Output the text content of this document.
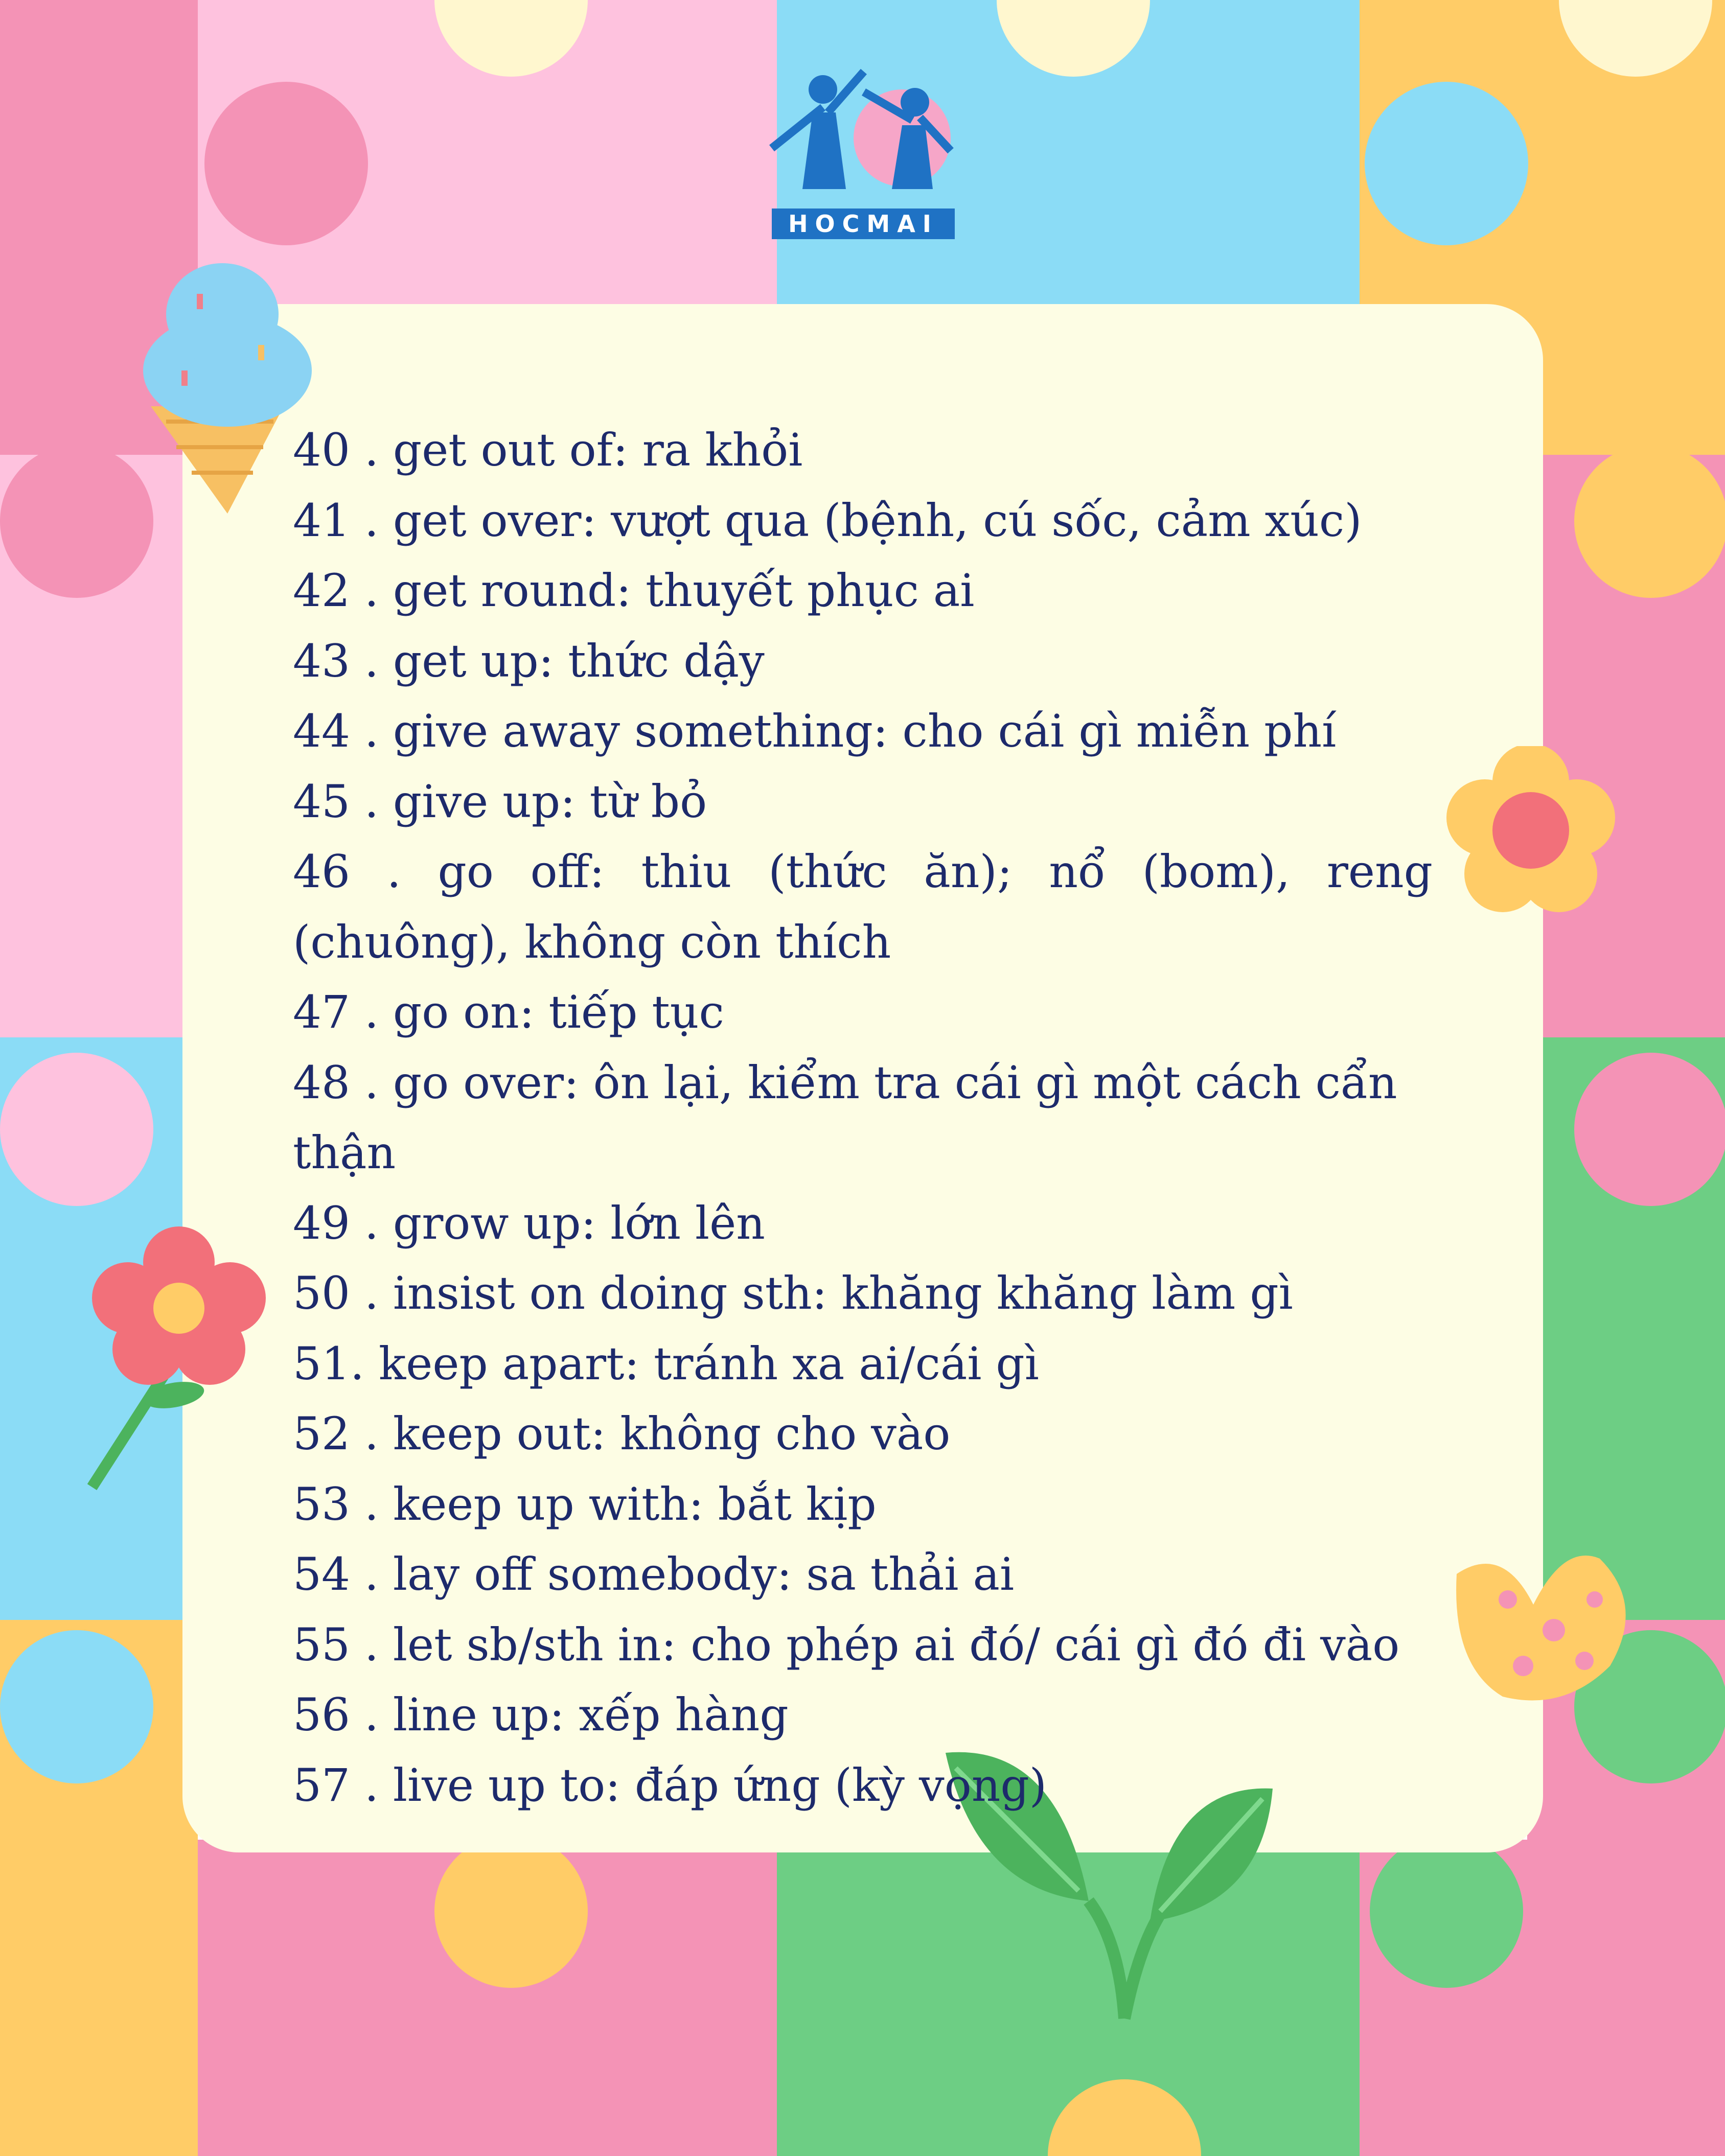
HOCMAI

40 . get out of: ra khỏi

41 . get over: vượt qua (bệnh, cú sốc, cảm xúc)

42 . get round: thuyết phục ai

43 . get up: thức dậy

44 . give away something: cho cái gì miễn phí

45 . give up: từ bỏ

46 . go off: thiu (thức ăn); nổ (bom), reng (chuông), không còn thích

47 . go on: tiếp tục

48 . go over: ôn lại, kiểm tra cái gì một cách cẩn thận

49 . grow up: lớn lên

50 . insist on doing sth: khăng khăng làm gì

51. keep apart: tránh xa ai/cái gì

52 . keep out: không cho vào

53 . keep up with: bắt kịp

54 . lay off somebody: sa thải ai

55 . let sb/sth in: cho phép ai đó/ cái gì đó đi vào

56 . line up: xếp hàng

57 . live up to: đáp ứng (kỳ vọng)
